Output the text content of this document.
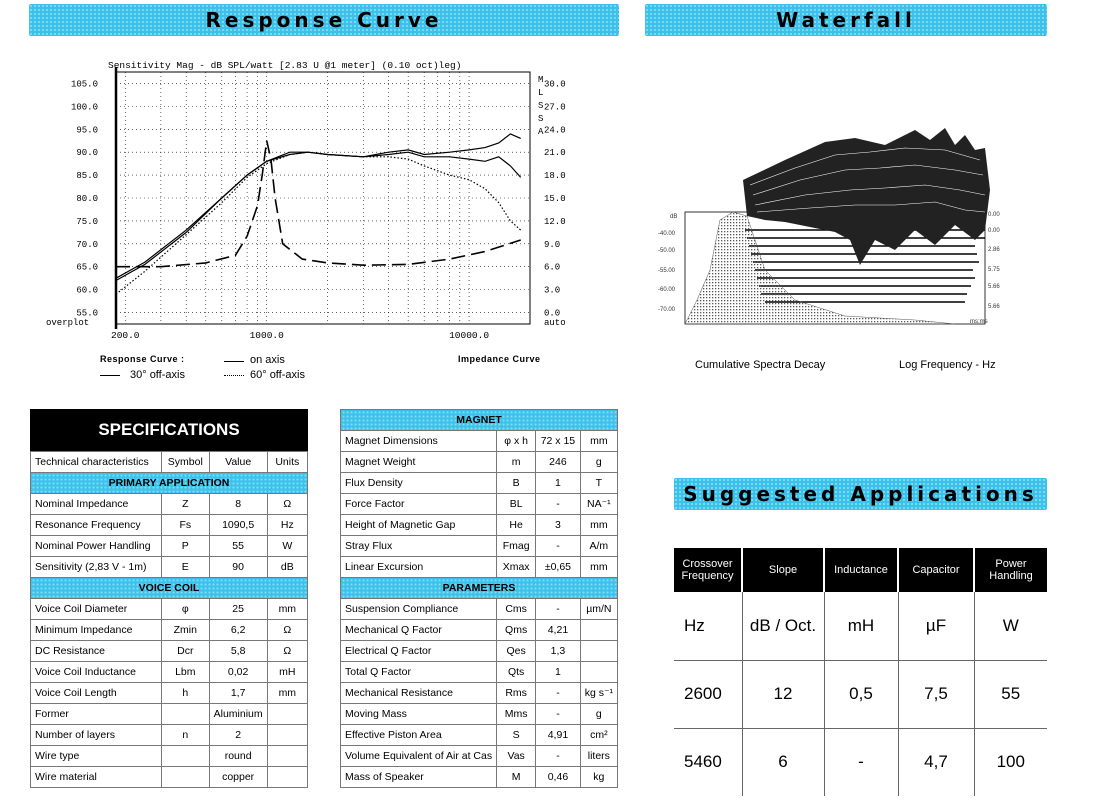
Response Curve	Waterfall
Suggested Applications
105.0	30.0
100.0	27.0
95.0	24.0
90.0	21.0
85.0	18.0
80.0	15.0
75.0	12.0
70.0	9.0
65.0	6.0
60.0	3.0
55.0	0.0
Sensitivity Mag - dB SPL/watt [2.83 U @1 meter] (0.10 oct)leg)
M
L
S
S
A
200.0	1000.0	10000.0
overplot	auto
Response Curve :	on axis	Impedance Curve
30° off-axis	60° off-axis
dB
-40.00
-50.00
-55.00
-60.00
-70.00
0.00
0.00
2.86
5.75
5.66
5.66
ms:ms
Cumulative Spectra Decay	Log Frequency - Hz
SPECIFICATIONS
Technical characteristics	Symbol	Value	Units
PRIMARY APPLICATION			
Nominal Impedance	Z	8	Ω
Resonance Frequency	Fs	1090,5	Hz
Nominal Power Handling	P	55	W
Sensitivity (2,83 V - 1m)	E	90	dB
VOICE COIL			
Voice Coil Diameter	φ	25	mm
Minimum Impedance	Zmin	6,2	Ω
DC Resistance	Dcr	5,8	Ω
Voice Coil Inductance	Lbm	0,02	mH
Voice Coil Length	h	1,7	mm
Former		Aluminium	
Number of layers	n	2	
Wire type		round	
Wire material		copper	
MAGNET			
Magnet Dimensions	φ x h	72 x 15	mm
Magnet Weight	m	246	g
Flux Density	B	1	T
Force Factor	BL	-	NA⁻¹
Height of Magnetic Gap	He	3	mm
Stray Flux	Fmag	-	A/m
Linear Excursion	Xmax	±0,65	mm
PARAMETERS			
Suspension Compliance	Cms	-	µm/N
Mechanical Q Factor	Qms	4,21	
Electrical Q Factor	Qes	1,3	
Total Q Factor	Qts	1	
Mechanical Resistance	Rms	-	kg s⁻¹
Moving Mass	Mms	-	g
Effective Piston Area	S	4,91	cm²
Volume Equivalent of Air at Cas	Vas	-	liters
Mass of Speaker	M	0,46	kg
Crossover Frequency	Slope	Inductance	Capacitor	Power Handling
Hz	dB / Oct.	mH	µF	W
2600	12	0,5	7,5	55
5460	6	-	4,7	100
